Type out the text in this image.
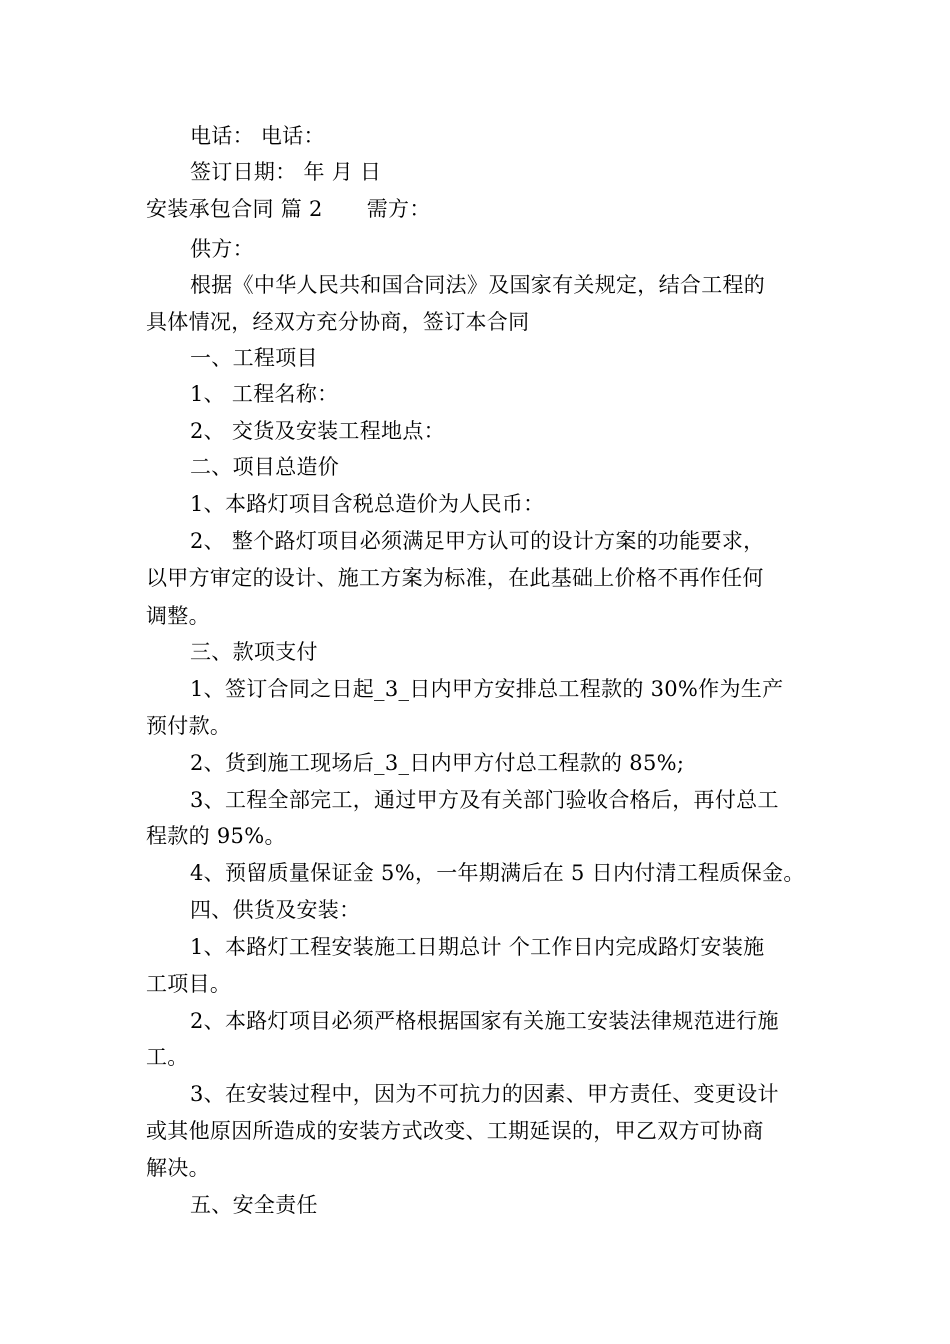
电话： 电话：
签订日期： 年 月 日
安装承包合同 篇 2 需方：
供方：
根据《中华人民共和国合同法》及国家有关规定，结合工程的
具体情况，经双方充分协商，签订本合同
一、工程项目
1、 工程名称：
2、 交货及安装工程地点：
二、项目总造价
1、本路灯项目含税总造价为人民币：
2、 整个路灯项目必须满足甲方认可的设计方案的功能要求，
以甲方审定的设计、施工方案为标准，在此基础上价格不再作任何
调整。
三、款项支付
1、签订合同之日起_3_日内甲方安排总工程款的 30%作为生产
预付款。
2、货到施工现场后_3_日内甲方付总工程款的 85%;
3、工程全部完工，通过甲方及有关部门验收合格后，再付总工
程款的 95%。
4、预留质量保证金 5%，一年期满后在 5 日内付清工程质保金。
四、供货及安装：
1、本路灯工程安装施工日期总计 个工作日内完成路灯安装施
工项目。
2、本路灯项目必须严格根据国家有关施工安装法律规范进行施
工。
3、在安装过程中，因为不可抗力的因素、甲方责任、变更设计
或其他原因所造成的安装方式改变、工期延误的，甲乙双方可协商
解决。
五、安全责任
